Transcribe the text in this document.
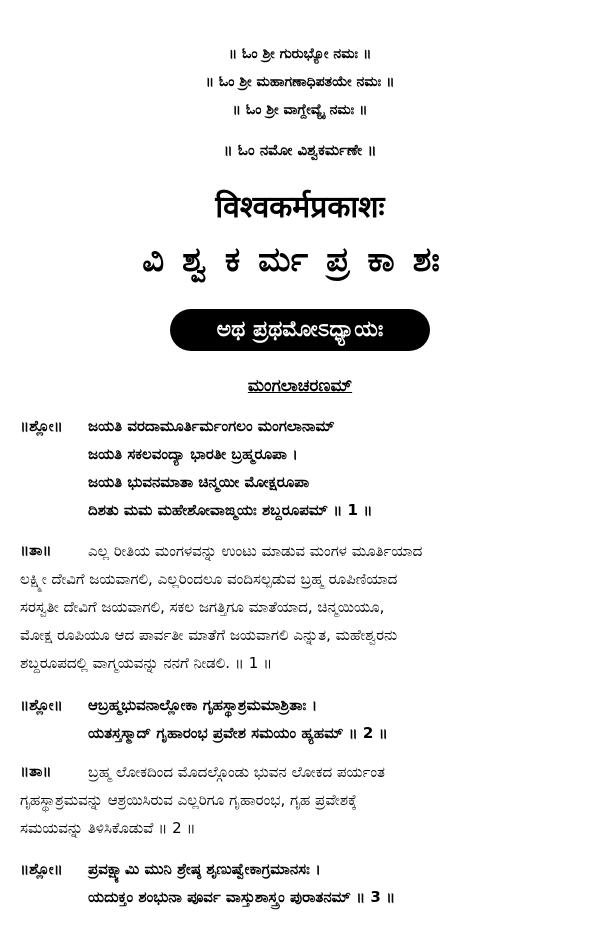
॥ ಓಂ ಶ್ರೀ ಗುರುಭ್ಯೋ ನಮಃ ॥
॥ ಓಂ ಶ್ರೀ ಮಹಾಗಣಾಧಿಪತಯೇ ನಮಃ ॥
॥ ಓಂ ಶ್ರೀ ವಾಗ್ದೇವ್ಯೈ ನಮಃ ॥
॥ ಓಂ ನಮೋ ವಿಶ್ವಕರ್ಮಣೇ ॥
विश्वकर्मप्रकाशः
ವಿಶ್ವಕರ್ಮಪ್ರಕಾಶಃ
ಅಥ ಪ್ರಥಮೋಽಧ್ಯಾಯಃ
ಮಂಗಲಾಚರಣಮ್
॥ಶ್ಲೋ॥ ಜಯತಿ ವರದಾಮೂರ್ತಿರ್ಮಂಗಲಂ ಮಂಗಲಾನಾಮ್
ಜಯತಿ ಸಕಲವಂದ್ಯಾ ಭಾರತೀ ಬ್ರಹ್ಮರೂಪಾ ।
ಜಯತಿ ಭುವನಮಾತಾ ಚಿನ್ಮಯೀ ಮೋಕ್ಷರೂಪಾ
ದಿಶತು ಮಮ ಮಹೇಶೋವಾಙ್ಮಯಃ ಶಬ್ದರೂಪಮ್ ॥ 1 ॥
॥ತಾ॥ ಎಲ್ಲ ರೀತಿಯ ಮಂಗಳವನ್ನು ಉಂಟು ಮಾಡುವ ಮಂಗಳ ಮೂರ್ತಿಯಾದ
ಲಕ್ಷ್ಮೀ ದೇವಿಗೆ ಜಯವಾಗಲಿ, ಎಲ್ಲರಿಂದಲೂ ವಂದಿಸಲ್ಪಡುವ ಬ್ರಹ್ಮ ರೂಪಿಣಿಯಾದ
ಸರಸ್ವತೀ ದೇವಿಗೆ ಜಯವಾಗಲಿ, ಸಕಲ ಜಗತ್ತಿಗೂ ಮಾತೆಯಾದ, ಚಿನ್ಮಯಿಯೂ,
ಮೋಕ್ಷ ರೂಪಿಯೂ ಆದ ಪಾರ್ವತೀ ಮಾತೆಗೆ ಜಯವಾಗಲಿ ಎನ್ನುತ, ಮಹೇಶ್ವರನು
ಶಬ್ದರೂಪದಲ್ಲಿ ವಾಗ್ಮಯವನ್ನು ನನಗೆ ನೀಡಲಿ. ॥ 1 ॥
॥ಶ್ಲೋ॥ ಆಬ್ರಹ್ಮಭುವನಾಲ್ಲೋಕಾ ಗೃಹಸ್ಥಾಶ್ರಮಮಾಶ್ರಿತಾಃ ।
ಯತಸ್ತಸ್ಮಾದ್ ಗೃಹಾರಂಭ ಪ್ರವೇಶ ಸಮಯಂ ಹ್ಯಹಮ್ ॥ 2 ॥
॥ತಾ॥ ಬ್ರಹ್ಮ ಲೋಕದಿಂದ ಮೊದಲ್ಗೊಂಡು ಭುವನ ಲೋಕದ ಪರ್ಯಂತ
ಗೃಹಸ್ಥಾಶ್ರಮವನ್ನು ಆಶ್ರಯಿಸಿರುವ ಎಲ್ಲರಿಗೂ ಗೃಹಾರಂಭ, ಗೃಹ ಪ್ರವೇಶಕ್ಕೆ
ಸಮಯವನ್ನು ತಿಳಿಸಿಕೊಡುವೆ ॥ 2 ॥
॥ಶ್ಲೋ॥ ಪ್ರವಕ್ಷ್ಯಾಮಿ ಮುನಿ ಶ್ರೇಷ್ಠ ಶೃಣುಷ್ವೇಕಾಗ್ರಮಾನಸಃ ।
ಯದುಕ್ತಂ ಶಂಭುನಾ ಪೂರ್ವ ವಾಸ್ತುಶಾಸ್ತ್ರಂ ಪುರಾತನಮ್ ॥ 3 ॥
